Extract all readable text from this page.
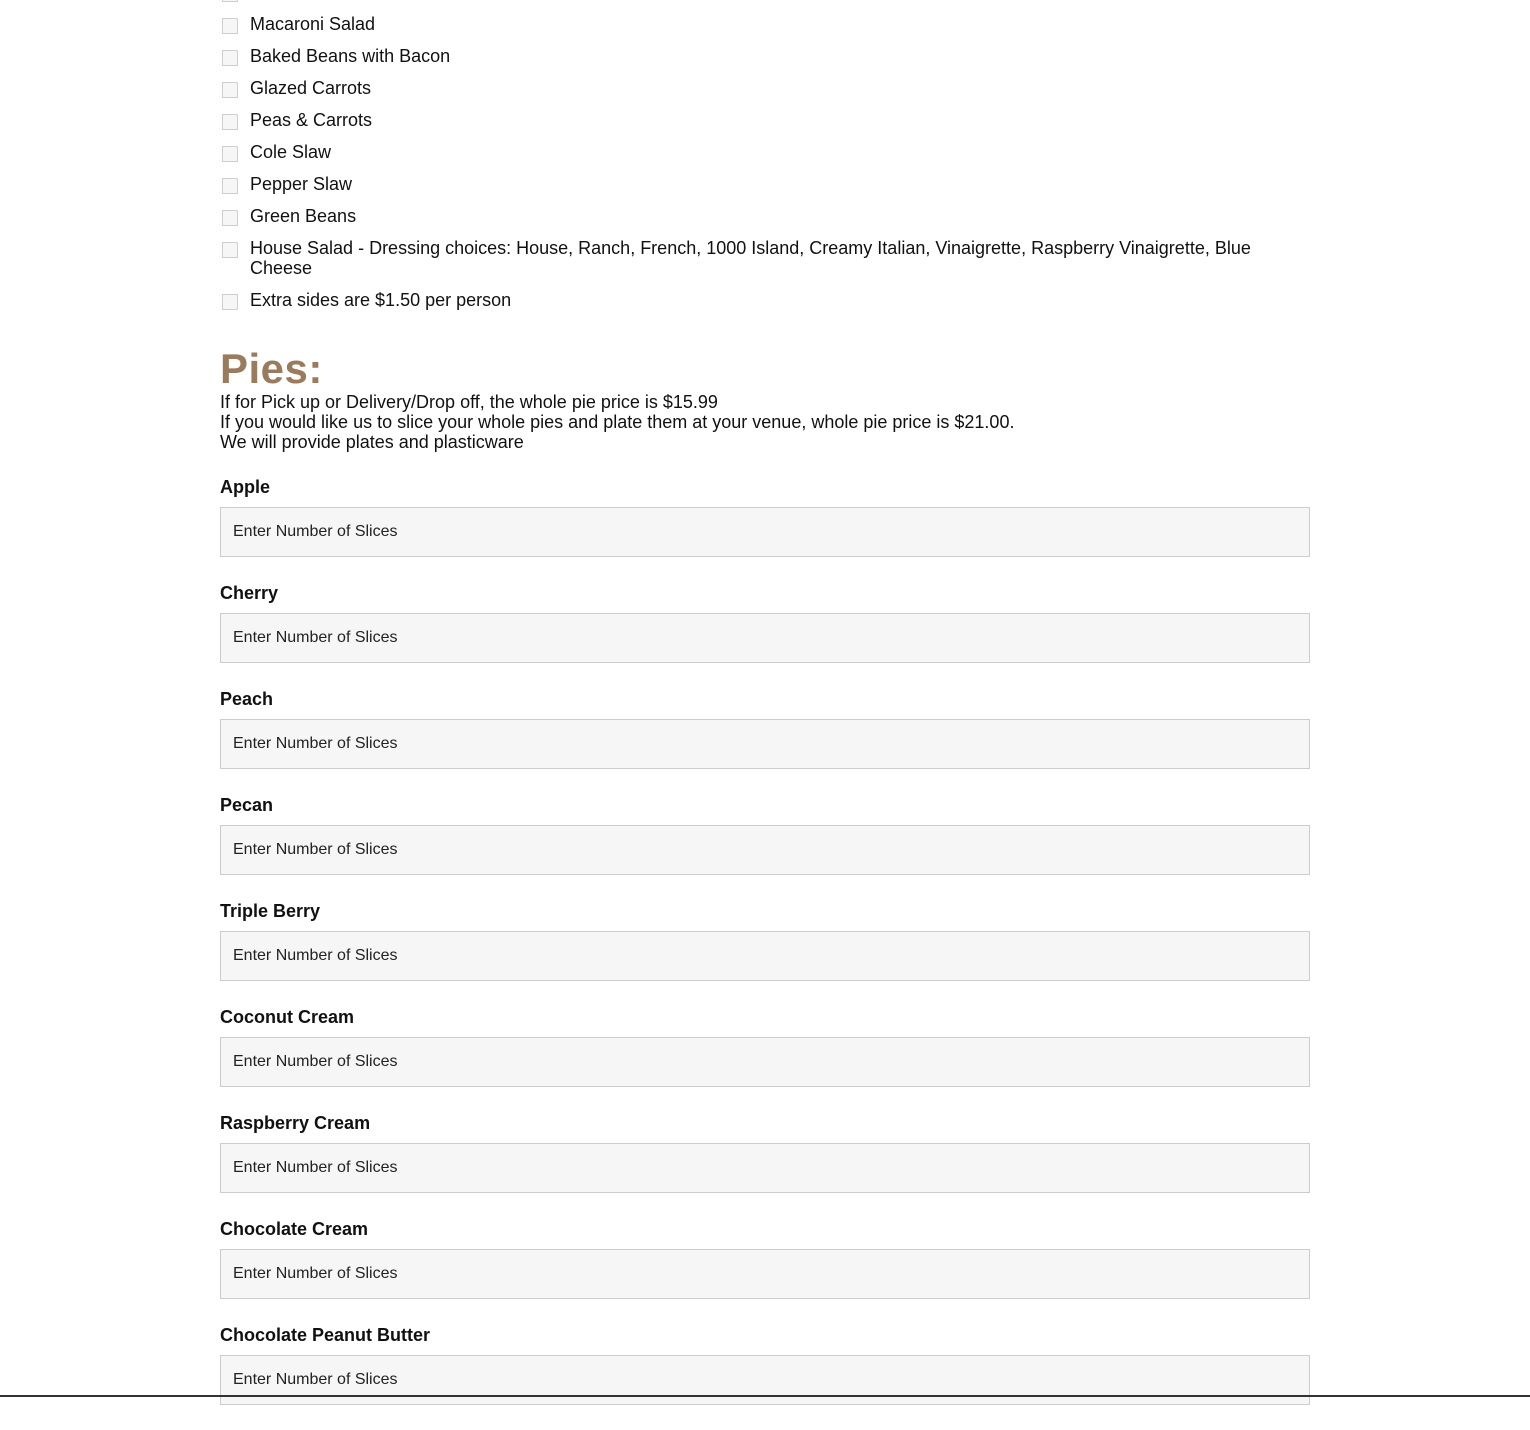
Macaroni Salad
Baked Beans with Bacon
Glazed Carrots
Peas & Carrots
Cole Slaw
Pepper Slaw
Green Beans
House Salad - Dressing choices: House, Ranch, French, 1000 Island, Creamy Italian, Vinaigrette, Raspberry Vinaigrette, Blue Cheese
Extra sides are $1.50 per person
Pies:
If for Pick up or Delivery/Drop off, the whole pie price is $15.99
If you would like us to slice your whole pies and plate them at your venue, whole pie price is $21.00.
We will provide plates and plasticware
Apple
Enter Number of Slices
Cherry
Enter Number of Slices
Peach
Enter Number of Slices
Pecan
Enter Number of Slices
Triple Berry
Enter Number of Slices
Coconut Cream
Enter Number of Slices
Raspberry Cream
Enter Number of Slices
Chocolate Cream
Enter Number of Slices
Chocolate Peanut Butter
Enter Number of Slices
